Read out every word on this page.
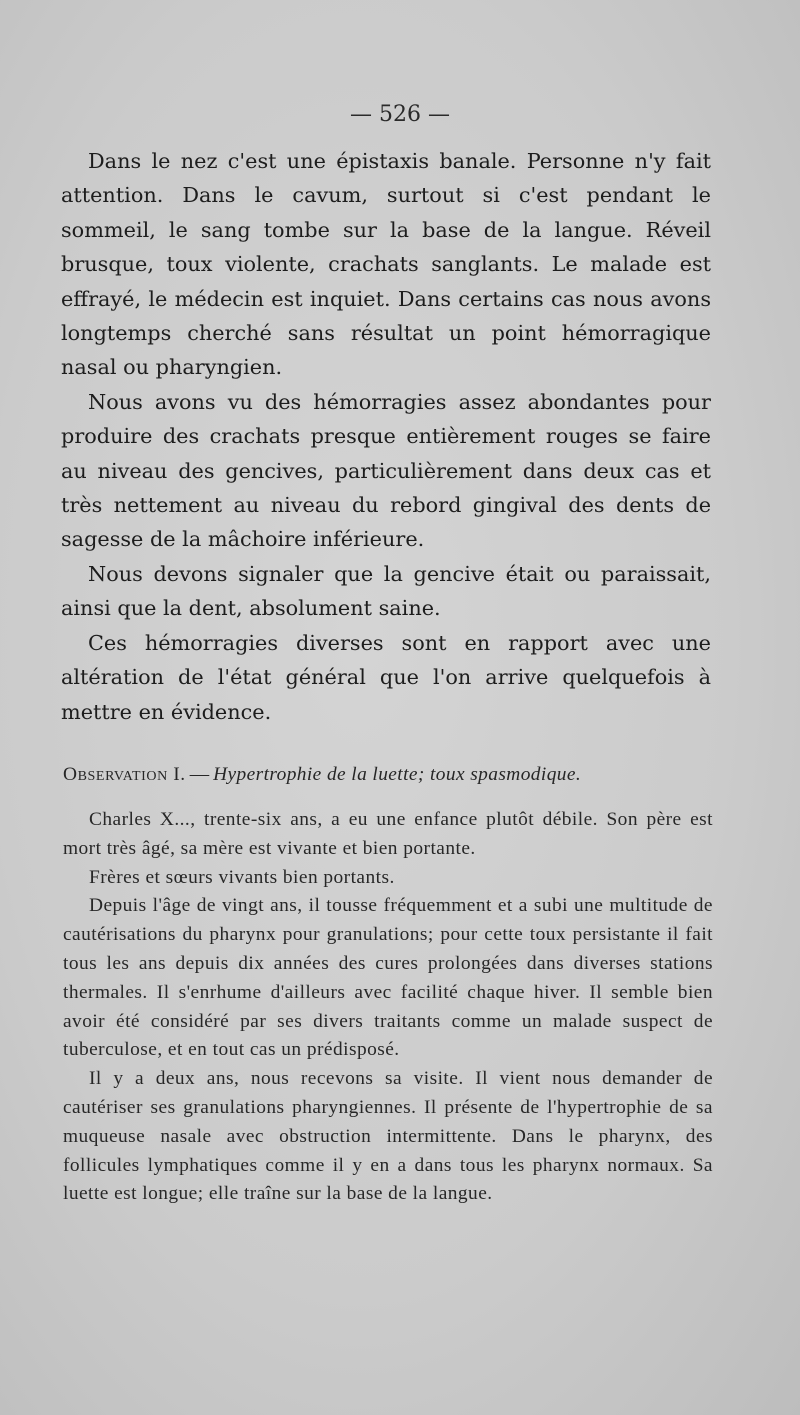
— 526 —

Dans le nez c'est une épistaxis banale. Personne n'y fait attention. Dans le cavum, surtout si c'est pendant le sommeil, le sang tombe sur la base de la langue. Réveil brusque, toux violente, crachats sanglants. Le malade est effrayé, le médecin est inquiet. Dans certains cas nous avons longtemps cherché sans résultat un point hémorragique nasal ou pharyngien.

Nous avons vu des hémorragies assez abondantes pour produire des crachats presque entièrement rouges se faire au niveau des gencives, particulièrement dans deux cas et très nettement au niveau du rebord gingival des dents de sagesse de la mâchoire inférieure.

Nous devons signaler que la gencive était ou paraissait, ainsi que la dent, absolument saine.

Ces hémorragies diverses sont en rapport avec une altération de l'état général que l'on arrive quelquefois à mettre en évidence.

Observation I. — Hypertrophie de la luette; toux spasmodique.

Charles X..., trente-six ans, a eu une enfance plutôt débile. Son père est mort très âgé, sa mère est vivante et bien portante.

Frères et sœurs vivants bien portants.

Depuis l'âge de vingt ans, il tousse fréquemment et a subi une multitude de cautérisations du pharynx pour granulations; pour cette toux persistante il fait tous les ans depuis dix années des cures prolongées dans diverses stations thermales. Il s'enrhume d'ailleurs avec facilité chaque hiver. Il semble bien avoir été considéré par ses divers traitants comme un malade suspect de tuberculose, et en tout cas un prédisposé.

Il y a deux ans, nous recevons sa visite. Il vient nous demander de cautériser ses granulations pharyngiennes. Il présente de l'hypertrophie de sa muqueuse nasale avec obstruction intermittente. Dans le pharynx, des follicules lymphatiques comme il y en a dans tous les pharynx normaux. Sa luette est longue; elle traîne sur la base de la langue.
